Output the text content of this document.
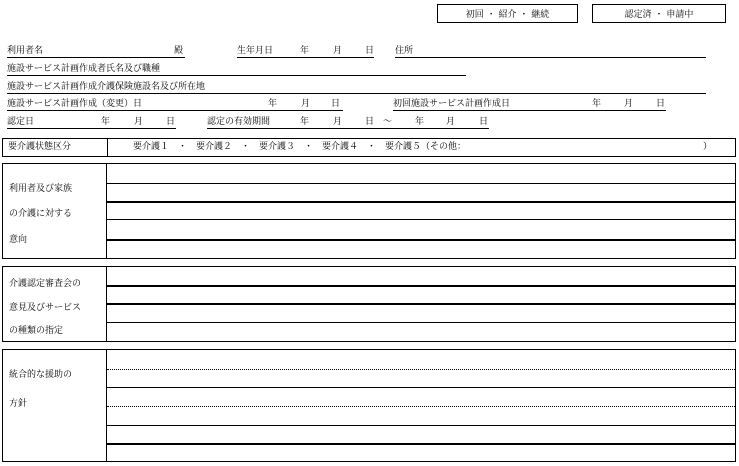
初回 ・ 紹介 ・ 継続	認定済 ・ 申請中
利用者名	殿	生年月日	年	月	日 住所
施設サービス計画作成者氏名及び職種
施設サービス計画作成介護保険施設名及び所在地
施設サービス計画作成（変更）日	年	月 日	初回施設サービス計画作成日	年	月	日
認定日	年	月	日	認定の有効期間	年	月	日 〜	年 月	日
要介護状態区分	要介護１　・　要介護２　・　要介護３　・　要介護４　・　要介護５（その他：	）
利用者及び家族
の介護に対する
意向
介護認定審査会の
意見及びサービス
の種類の指定
統合的な援助の
方針
